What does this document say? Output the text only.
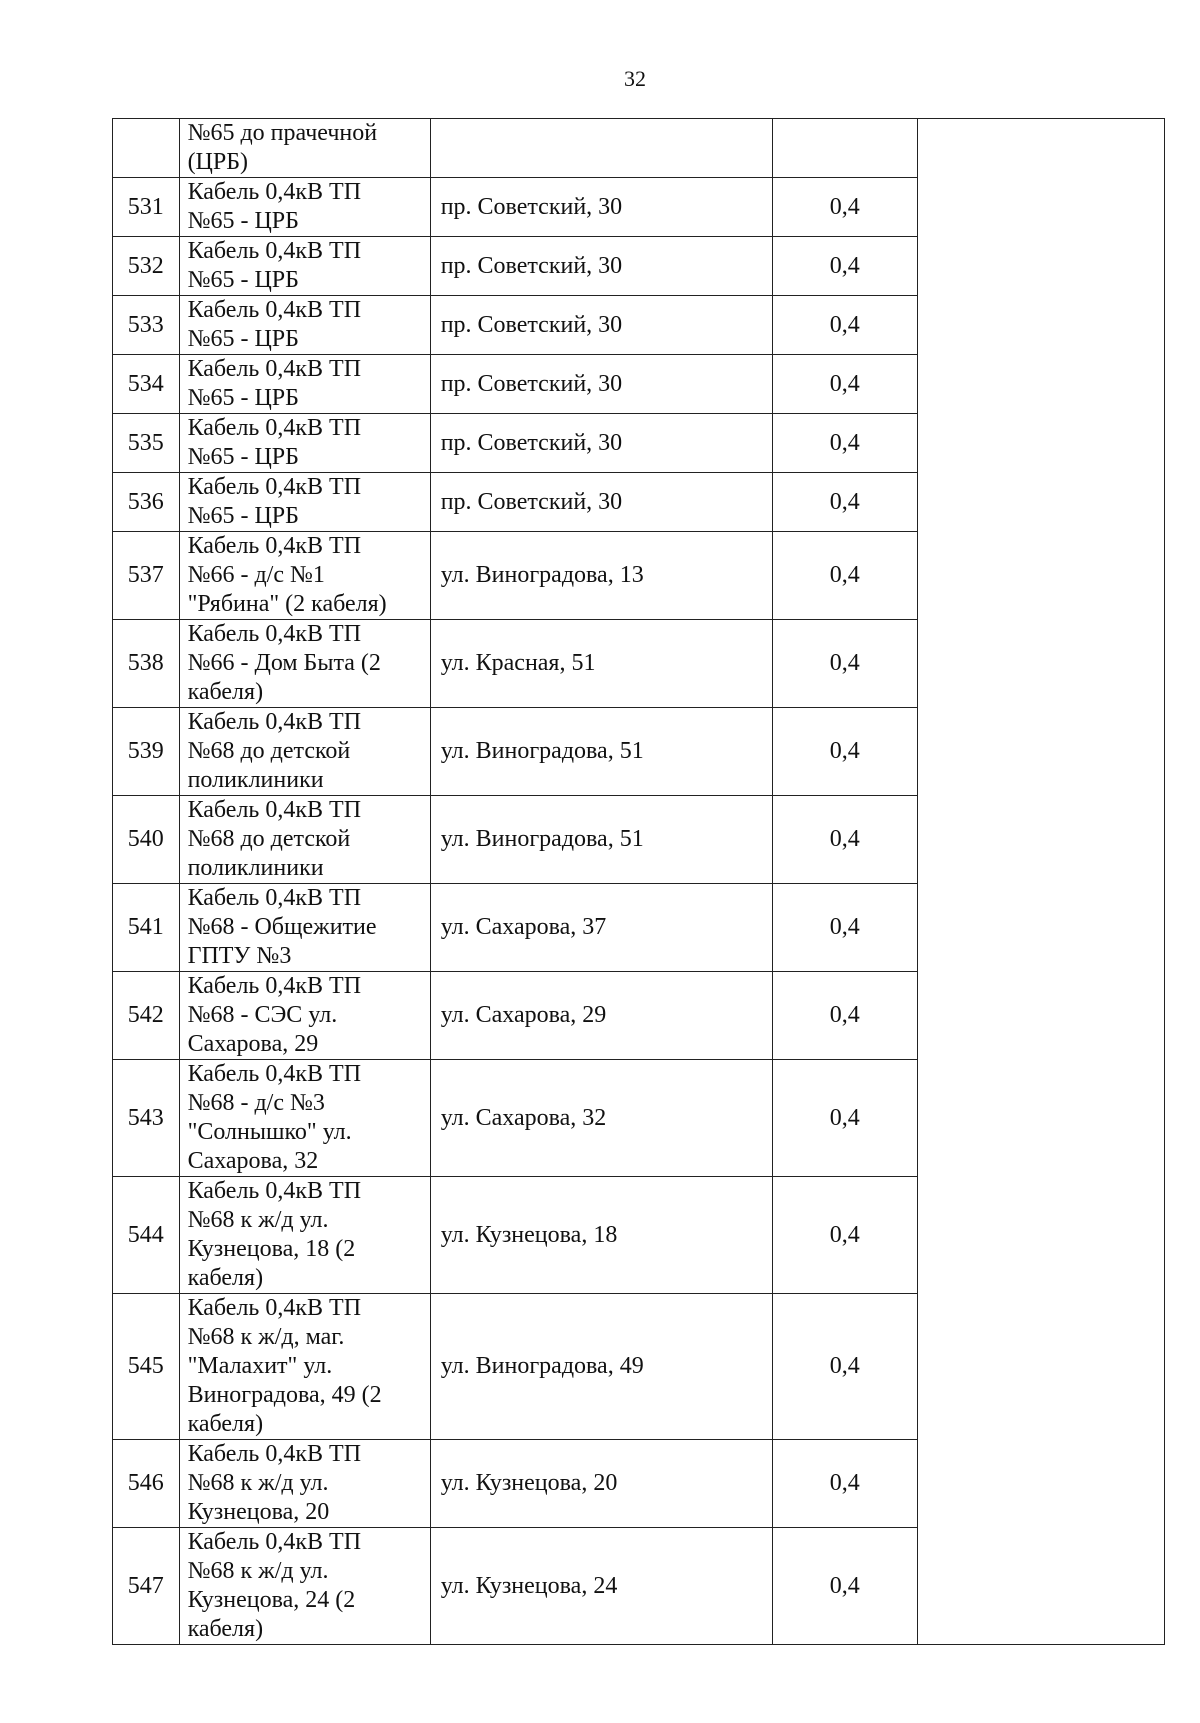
32

	№65 до прачечной
(ЦРБ)			

531	Кабель 0,4кВ ТП
№65 - ЦРБ	пр. Советский, 30	0,4	
532	Кабель 0,4кВ ТП
№65 - ЦРБ	пр. Советский, 30	0,4	
533	Кабель 0,4кВ ТП
№65 - ЦРБ	пр. Советский, 30	0,4	
534	Кабель 0,4кВ ТП
№65 - ЦРБ	пр. Советский, 30	0,4	
535	Кабель 0,4кВ ТП
№65 - ЦРБ	пр. Советский, 30	0,4	
536	Кабель 0,4кВ ТП
№65 - ЦРБ	пр. Советский, 30	0,4	
537	Кабель 0,4кВ ТП
№66 - д/с №1
"Рябина" (2 кабеля)	ул. Виноградова, 13	0,4	
538	Кабель 0,4кВ ТП
№66 - Дом Быта (2
кабеля)	ул. Красная, 51	0,4	
539	Кабель 0,4кВ ТП
№68 до детской
поликлиники	ул. Виноградова, 51	0,4	
540	Кабель 0,4кВ ТП
№68 до детской
поликлиники	ул. Виноградова, 51	0,4	
541	Кабель 0,4кВ ТП
№68 - Общежитие
ГПТУ №3	ул. Сахарова, 37	0,4	
542	Кабель 0,4кВ ТП
№68 - СЭС ул.
Сахарова, 29	ул. Сахарова, 29	0,4	
543	Кабель 0,4кВ ТП
№68 - д/с №3
"Солнышко" ул.
Сахарова, 32	ул. Сахарова, 32	0,4	
544	Кабель 0,4кВ ТП
№68 к ж/д ул.
Кузнецова, 18 (2
кабеля)	ул. Кузнецова, 18	0,4	
545	Кабель 0,4кВ ТП
№68 к ж/д, маг.
"Малахит" ул.
Виноградова, 49 (2
кабеля)	ул. Виноградова, 49	0,4	
546	Кабель 0,4кВ ТП
№68 к ж/д ул.
Кузнецова, 20	ул. Кузнецова, 20	0,4	
547	Кабель 0,4кВ ТП
№68 к ж/д ул.
Кузнецова, 24 (2
кабеля)	ул. Кузнецова, 24	0,4	
